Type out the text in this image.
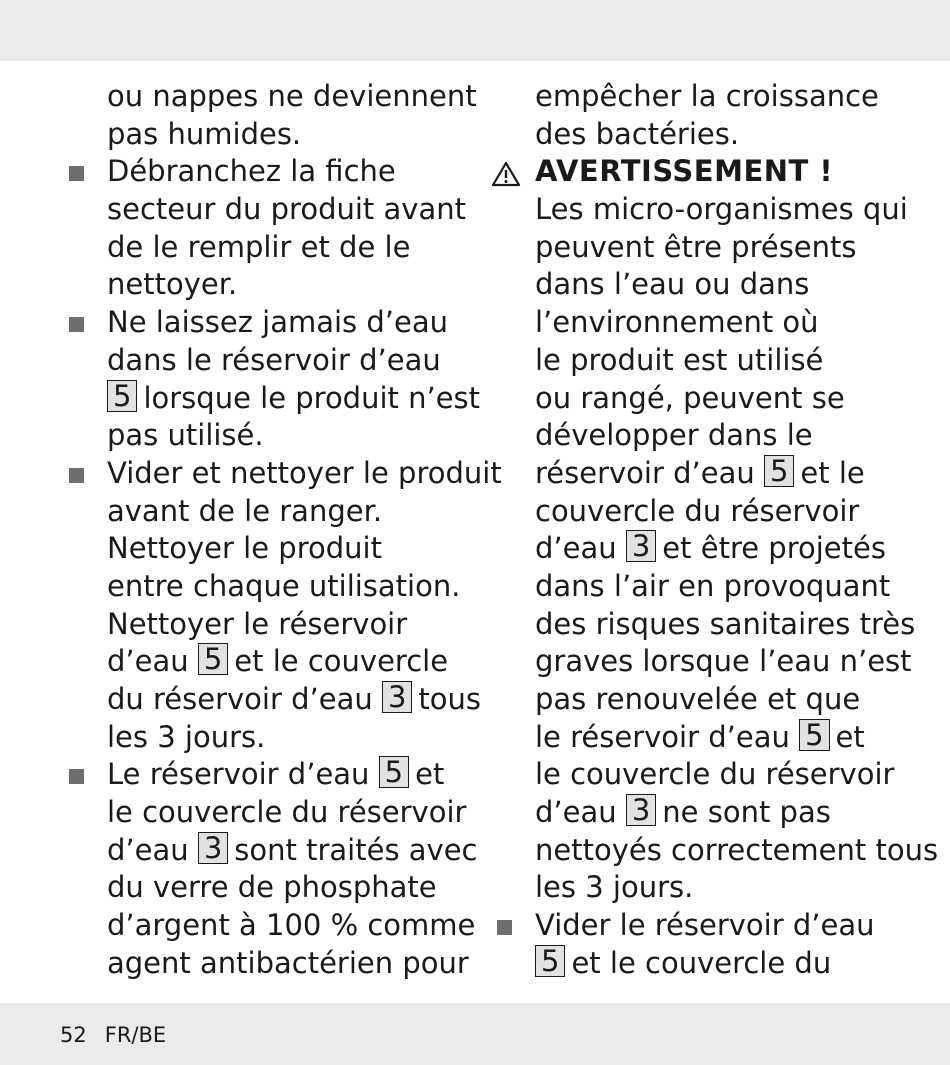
ou nappes ne deviennent
pas humides.
Débranchez la fiche
secteur du produit avant
de le remplir et de le
nettoyer.
Ne laissez jamais d’eau
dans le réservoir d’eau
5 lorsque le produit n’est
pas utilisé.
Vider et nettoyer le produit
avant de le ranger.
Nettoyer le produit
entre chaque utilisation.
Nettoyer le réservoir
d’eau 5 et le couvercle
du réservoir d’eau 3 tous
les 3 jours.
Le réservoir d’eau 5 et
le couvercle du réservoir
d’eau 3 sont traités avec
du verre de phosphate
d’argent à 100 % comme
agent antibactérien pour
empêcher la croissance
des bactéries.
AVERTISSEMENT !
Les micro-organismes qui
peuvent être présents
dans l’eau ou dans
l’environnement où
le produit est utilisé
ou rangé, peuvent se
développer dans le
réservoir d’eau 5 et le
couvercle du réservoir
d’eau 3 et être projetés
dans l’air en provoquant
des risques sanitaires très
graves lorsque l’eau n’est
pas renouvelée et que
le réservoir d’eau 5 et
le couvercle du réservoir
d’eau 3 ne sont pas
nettoyés correctement tous
les 3 jours.
Vider le réservoir d’eau
5 et le couvercle du
52 FR/BE
